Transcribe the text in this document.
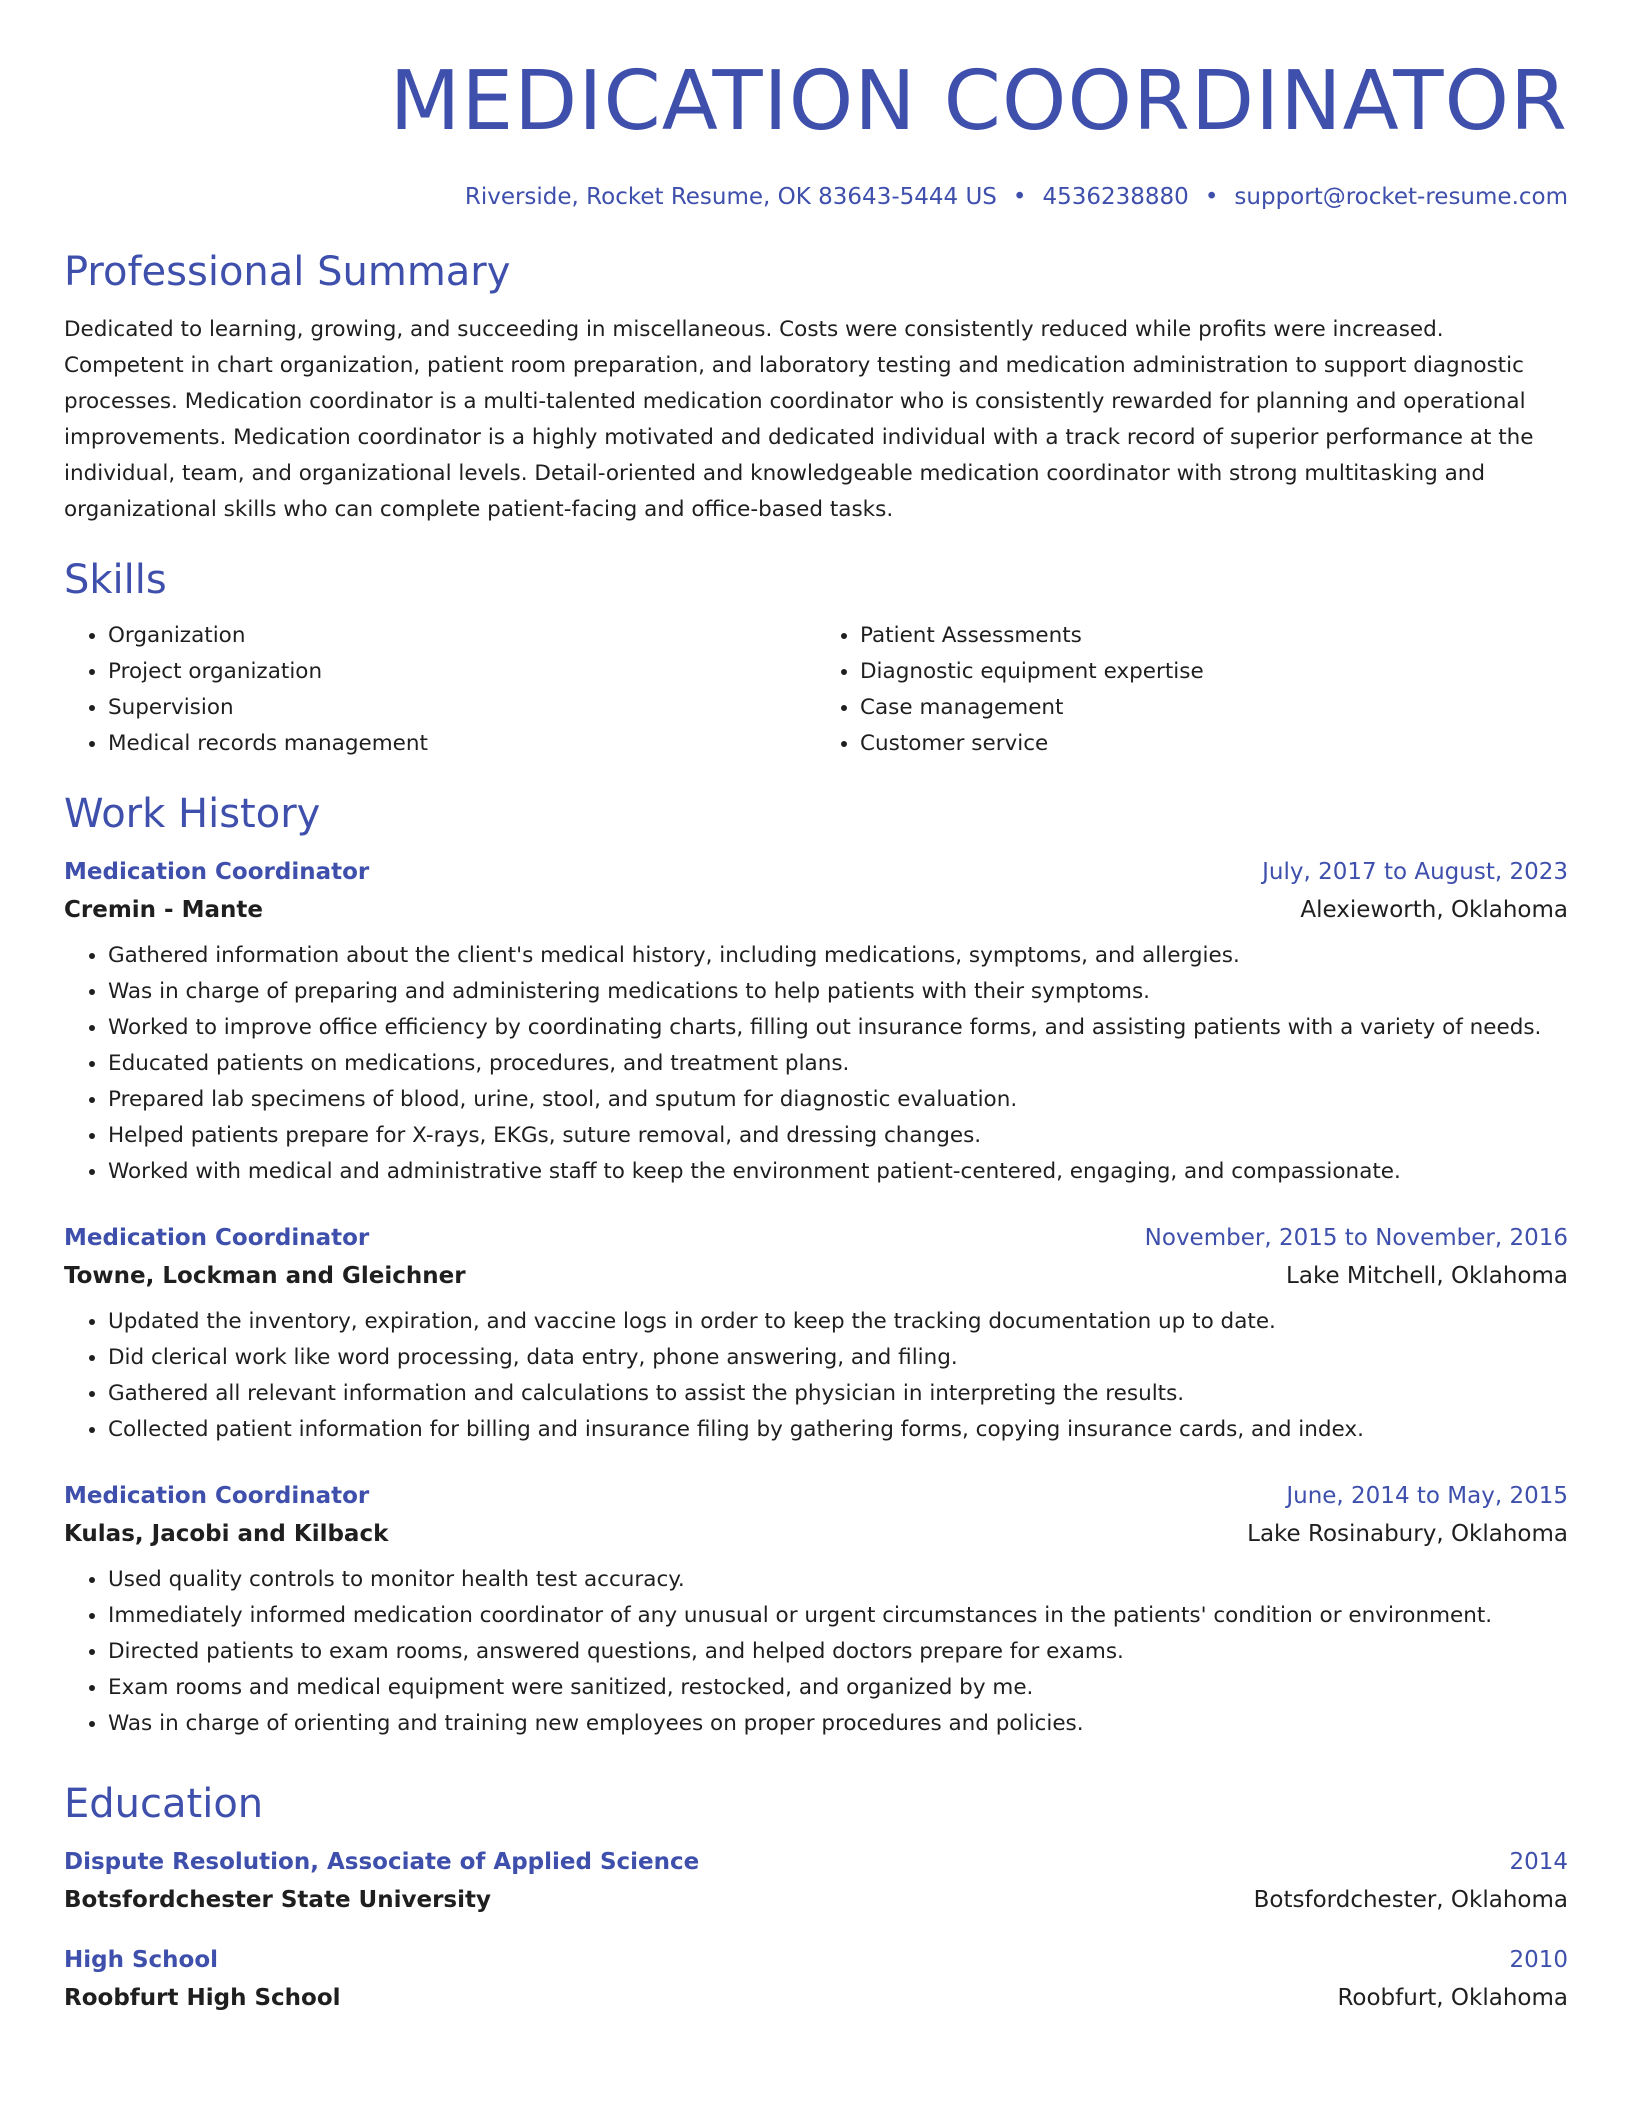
MEDICATION COORDINATOR
Riverside, Rocket Resume, OK 83643-5444 US • 4536238880 • support@rocket-resume.com
Professional Summary
Dedicated to learning, growing, and succeeding in miscellaneous. Costs were consistently reduced while profits were increased. Competent in chart organization, patient room preparation, and laboratory testing and medication administration to support diagnostic processes. Medication coordinator is a multi-talented medication coordinator who is consistently rewarded for planning and operational improvements. Medication coordinator is a highly motivated and dedicated individual with a track record of superior performance at the individual, team, and organizational levels. Detail-oriented and knowledgeable medication coordinator with strong multitasking and organizational skills who can complete patient-facing and office-based tasks.
Skills
• Organization
• Project organization
• Supervision
• Medical records management
• Patient Assessments
• Diagnostic equipment expertise
• Case management
• Customer service
Work History
Medication Coordinator	July, 2017 to August, 2023
Cremin - Mante	Alexieworth, Oklahoma
• Gathered information about the client's medical history, including medications, symptoms, and allergies.
• Was in charge of preparing and administering medications to help patients with their symptoms.
• Worked to improve office efficiency by coordinating charts, filling out insurance forms, and assisting patients with a variety of needs.
• Educated patients on medications, procedures, and treatment plans.
• Prepared lab specimens of blood, urine, stool, and sputum for diagnostic evaluation.
• Helped patients prepare for X-rays, EKGs, suture removal, and dressing changes.
• Worked with medical and administrative staff to keep the environment patient-centered, engaging, and compassionate.
Medication Coordinator	November, 2015 to November, 2016
Towne, Lockman and Gleichner	Lake Mitchell, Oklahoma
• Updated the inventory, expiration, and vaccine logs in order to keep the tracking documentation up to date.
• Did clerical work like word processing, data entry, phone answering, and filing.
• Gathered all relevant information and calculations to assist the physician in interpreting the results.
• Collected patient information for billing and insurance filing by gathering forms, copying insurance cards, and index.
Medication Coordinator	June, 2014 to May, 2015
Kulas, Jacobi and Kilback	Lake Rosinabury, Oklahoma
• Used quality controls to monitor health test accuracy.
• Immediately informed medication coordinator of any unusual or urgent circumstances in the patients' condition or environment.
• Directed patients to exam rooms, answered questions, and helped doctors prepare for exams.
• Exam rooms and medical equipment were sanitized, restocked, and organized by me.
• Was in charge of orienting and training new employees on proper procedures and policies.
Education
Dispute Resolution, Associate of Applied Science	2014
Botsfordchester State University	Botsfordchester, Oklahoma
High School	2010
Roobfurt High School	Roobfurt, Oklahoma
